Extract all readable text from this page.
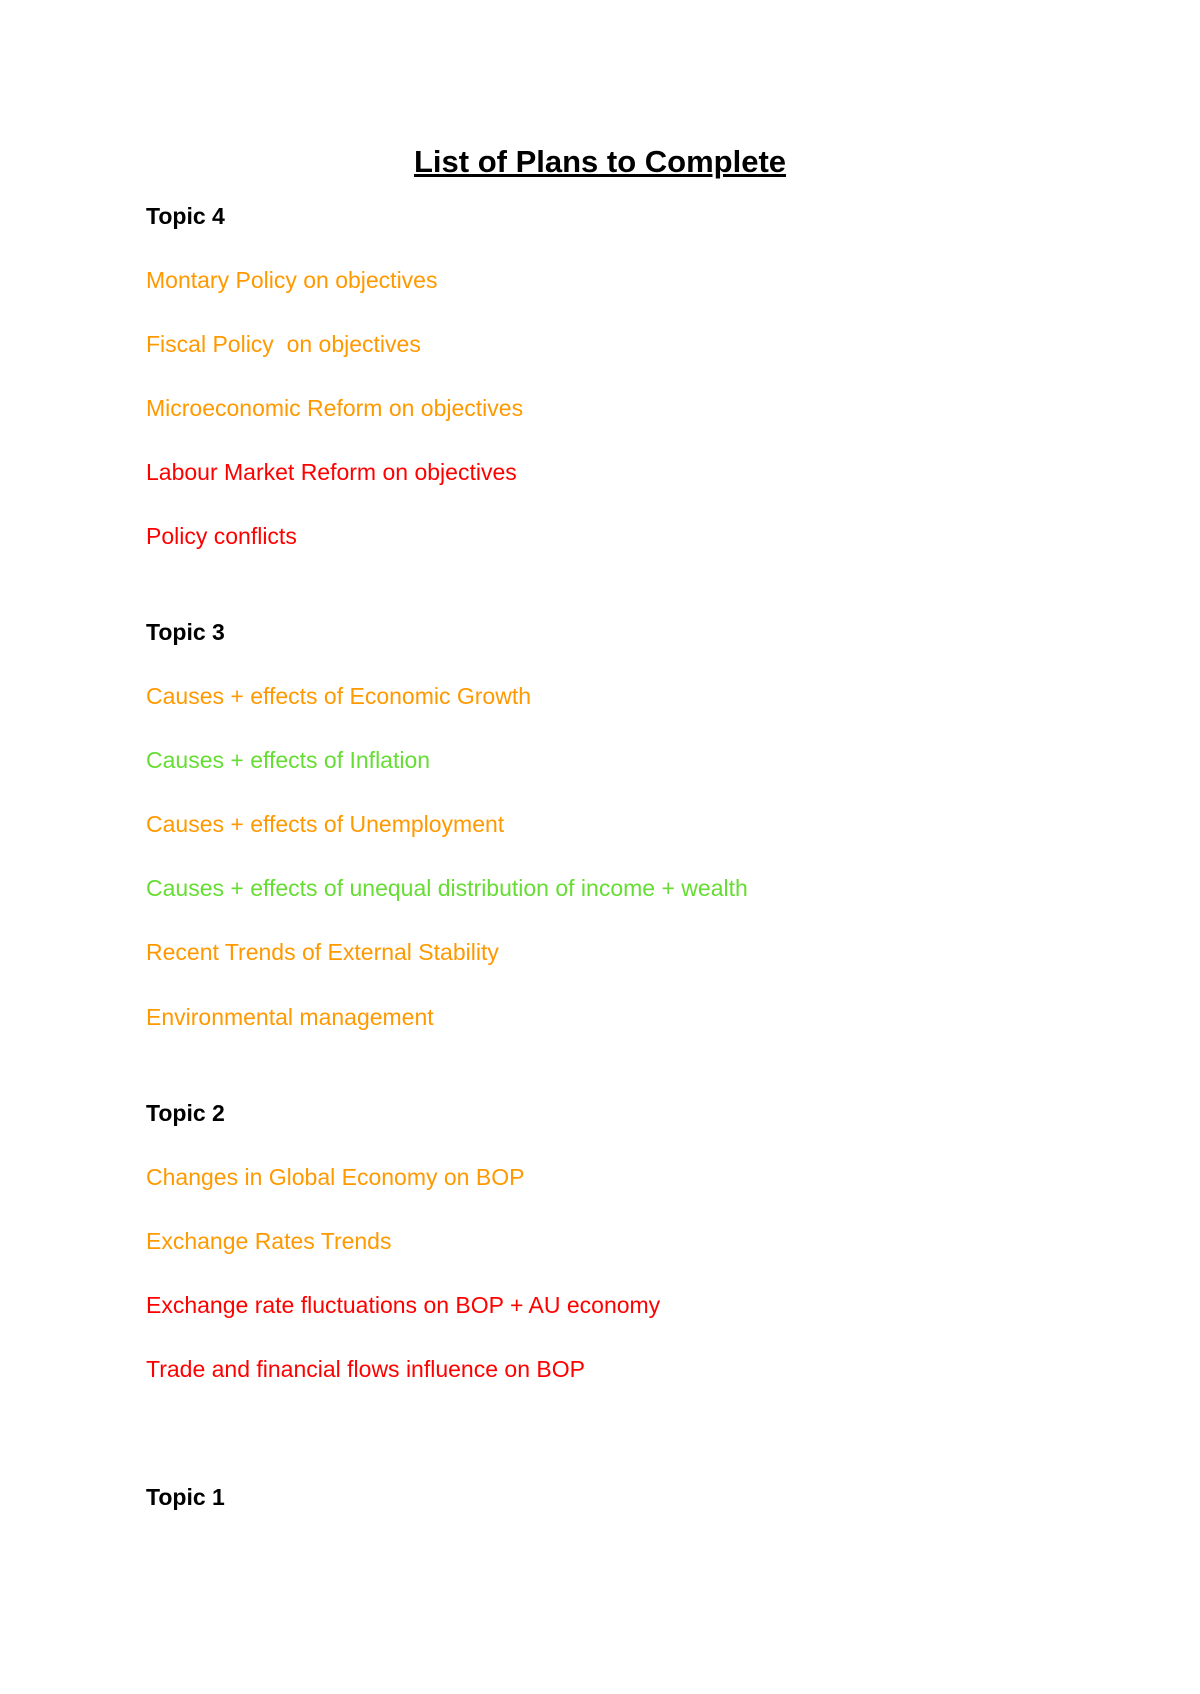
List of Plans to Complete
Topic 4
Montary Policy on objectives
Fiscal Policy  on objectives
Microeconomic Reform on objectives
Labour Market Reform on objectives
Policy conflicts
Topic 3
Causes + effects of Economic Growth
Causes + effects of Inflation
Causes + effects of Unemployment
Causes + effects of unequal distribution of income + wealth
Recent Trends of External Stability
Environmental management
Topic 2
Changes in Global Economy on BOP
Exchange Rates Trends
Exchange rate fluctuations on BOP + AU economy
Trade and financial flows influence on BOP
Topic 1
